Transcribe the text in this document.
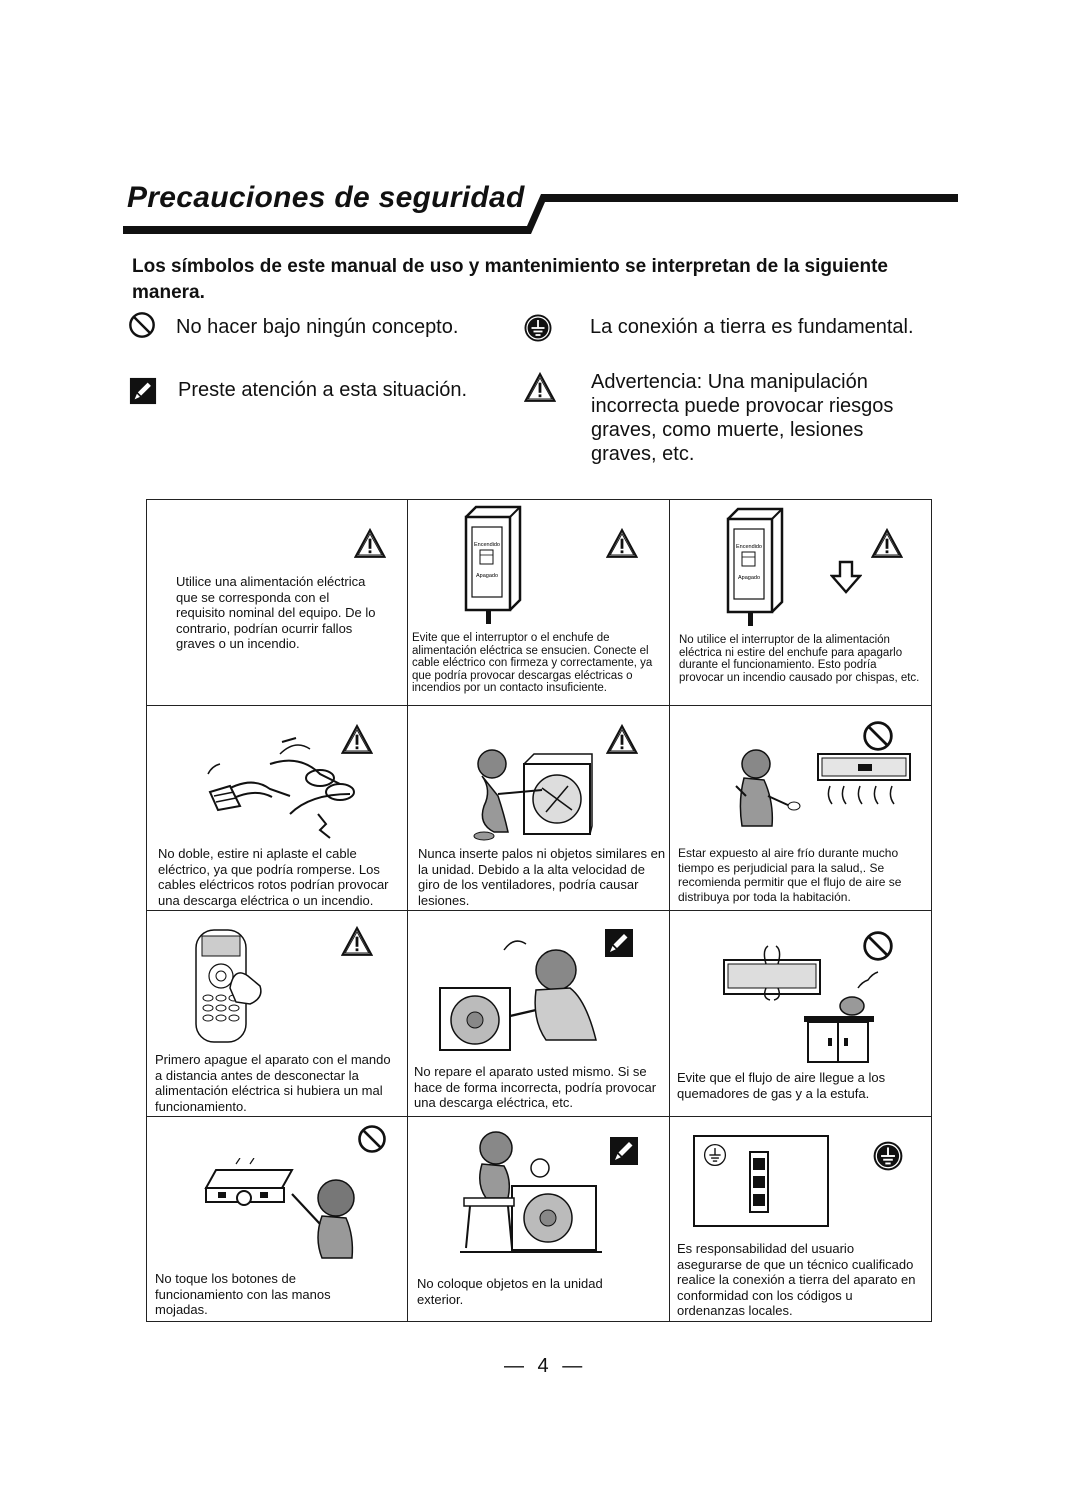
Precauciones de seguridad
Los símbolos de este manual de uso y mantenimiento se interpretan de la siguiente manera.
No hacer bajo ningún concepto.	La conexión a tierra es fundamental.
Preste atención a esta situación.	Advertencia: Una manipulación incorrecta puede provocar riesgos graves, como muerte, lesiones graves, etc.
Utilice una alimentación eléctrica que se corresponda con el requisito nominal del equipo. De lo contrario, podrían ocurrir fallos graves o un incendio.
Encendido
Apagado
Evite que el interruptor o el enchufe de alimentación eléctrica se ensucien. Conecte el cable eléctrico con firmeza y correctamente, ya que podría provocar descargas eléctricas o incendios por un contacto insuficiente.
Encendido
Apagado
No utilice el interruptor de la alimentación eléctrica ni estire del enchufe para apagarlo durante el funcionamiento. Esto podría provocar un incendio causado por chispas, etc.
No doble, estire ni aplaste el cable eléctrico, ya que podría romperse. Los cables eléctricos rotos podrían provocar una descarga eléctrica o un incendio.
Nunca inserte palos ni objetos similares en la unidad. Debido a la alta velocidad de giro de los ventiladores, podría causar lesiones.
Estar expuesto al aire frío durante mucho tiempo es perjudicial para la salud,. Se recomienda permitir que el flujo de aire se distribuya por toda la habitación.
Primero apague el aparato con el mando a distancia antes de desconectar la alimentación eléctrica si hubiera un mal funcionamiento.
No repare el aparato usted mismo. Si se hace de forma incorrecta, podría provocar una descarga eléctrica, etc.
Evite que el flujo de aire llegue a los quemadores de gas y a la estufa.
No toque los botones de funcionamiento con las manos mojadas.
No coloque objetos en la unidad exterior.
Es responsabilidad del usuario asegurarse de que un técnico cualificado realice la conexión a tierra del aparato en conformidad con los códigos u ordenanzas locales.
— 4 —
